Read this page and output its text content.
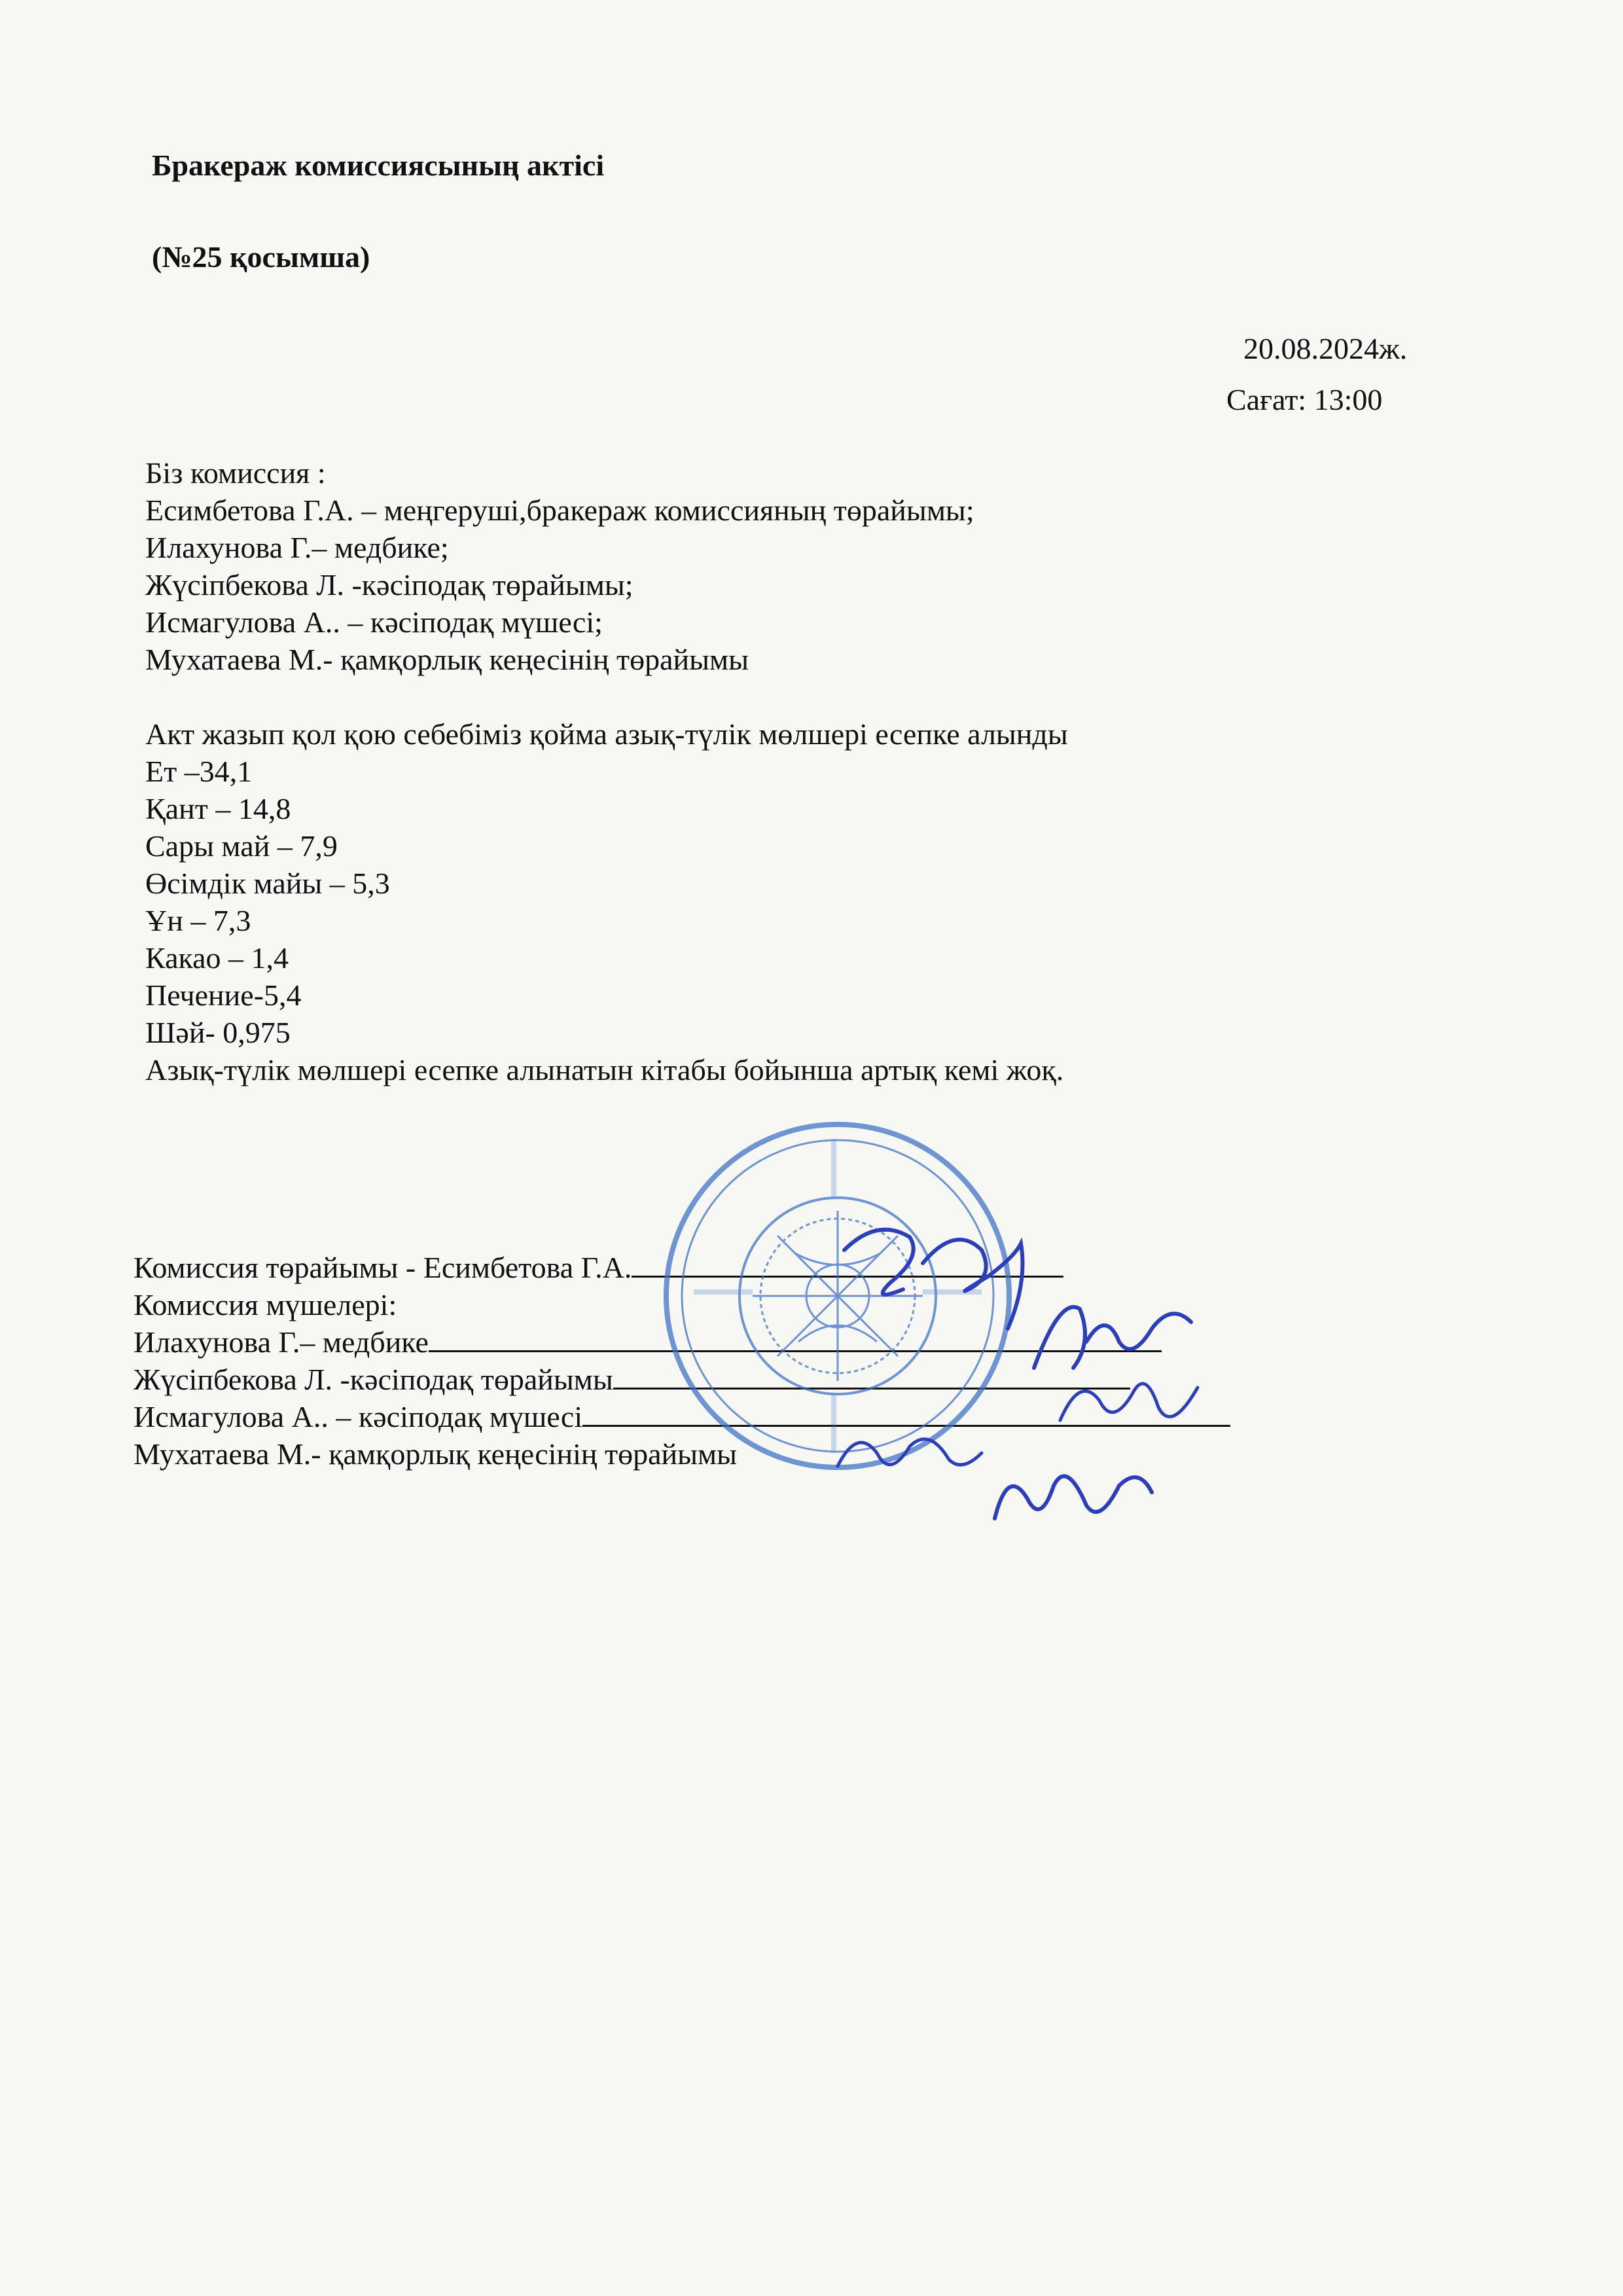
Бракераж комиссиясының актісі
(№25 қосымша)
20.08.2024ж.
Сағат: 13:00
Біз комиссия :
Есимбетова Г.А. – меңгеруші,бракераж комиссияның төрайымы;
Илахунова Г.– медбике;
Жүсіпбекова Л. -кәсіподақ төрайымы;
Исмагулова А.. – кәсіподақ мүшесі;
Мухатаева М.- қамқорлық кеңесінің төрайымы
Акт жазып қол қою себебіміз қойма азық-түлік мөлшері есепке алынды
Ет –34,1
Қант – 14,8
Сары май – 7,9
Өсімдік майы – 5,3
Ұн – 7,3
Какао – 1,4
Печение-5,4
Шәй- 0,975
Азық-түлік мөлшері есепке алынатын кітабы бойынша артық кемі жоқ.
Комиссия төрайымы - Есимбетова Г.А.
Комиссия мүшелері:
Илахунова Г.– медбике
Жүсіпбекова Л. -кәсіподақ төрайымы
Исмагулова А.. – кәсіподақ мүшесі
Мухатаева М.- қамқорлық кеңесінің төрайымы
